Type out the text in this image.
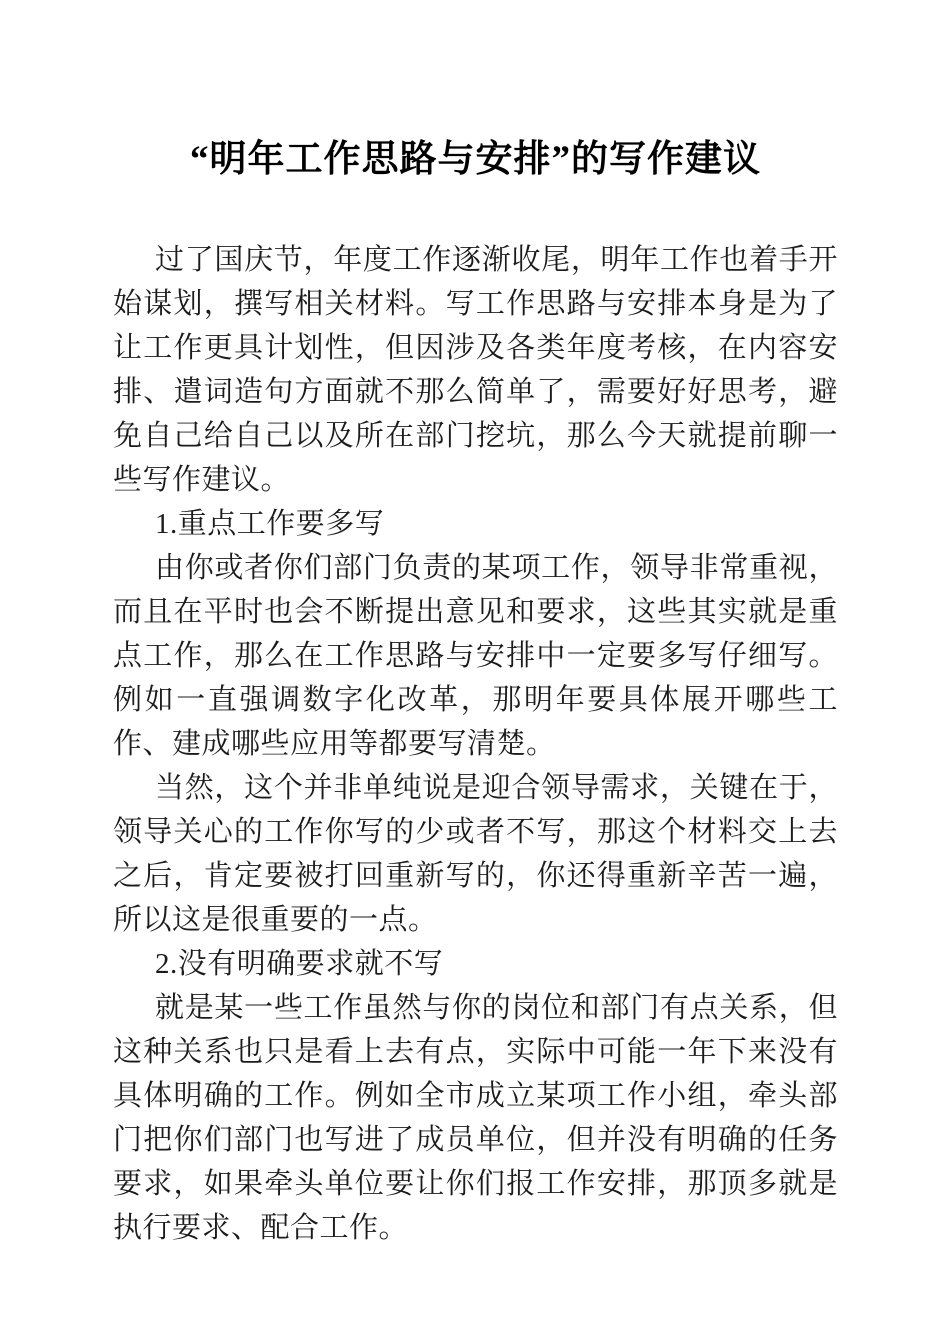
“明年工作思路与安排”的写作建议

过了国庆节，年度工作逐渐收尾，明年工作也着手开始谋划，撰写相关材料。写工作思路与安排本身是为了让工作更具计划性，但因涉及各类年度考核，在内容安排、遣词造句方面就不那么简单了，需要好好思考，避免自己给自己以及所在部门挖坑，那么今天就提前聊一些写作建议。

1.重点工作要多写

由你或者你们部门负责的某项工作，领导非常重视，而且在平时也会不断提出意见和要求，这些其实就是重点工作，那么在工作思路与安排中一定要多写仔细写。例如一直强调数字化改革，那明年要具体展开哪些工作、建成哪些应用等都要写清楚。

当然，这个并非单纯说是迎合领导需求，关键在于，领导关心的工作你写的少或者不写，那这个材料交上去之后，肯定要被打回重新写的，你还得重新辛苦一遍，所以这是很重要的一点。

2.没有明确要求就不写

就是某一些工作虽然与你的岗位和部门有点关系，但这种关系也只是看上去有点，实际中可能一年下来没有具体明确的工作。例如全市成立某项工作小组，牵头部门把你们部门也写进了成员单位，但并没有明确的任务要求，如果牵头单位要让你们报工作安排，那顶多就是执行要求、配合工作。
